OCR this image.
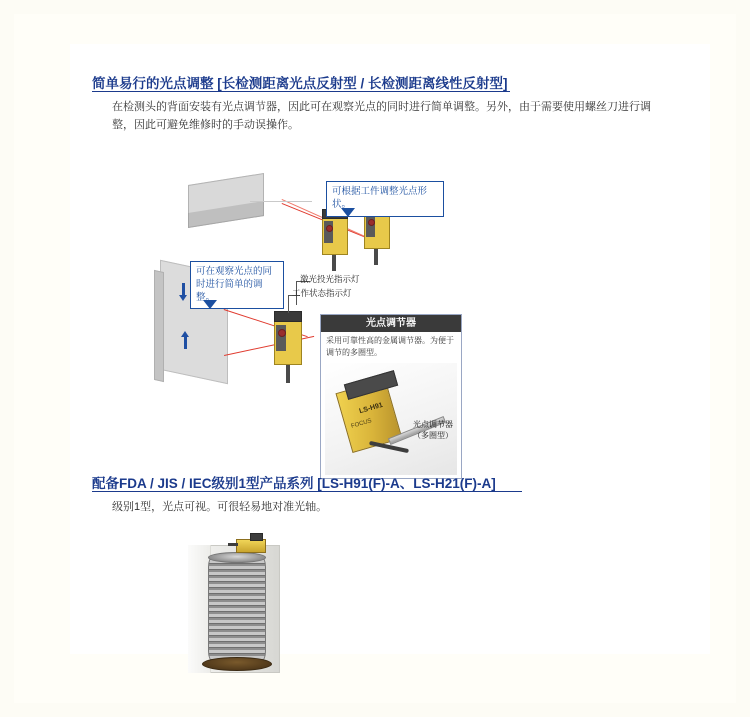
简单易行的光点调整 [长检测距离光点反射型 / 长检测距离线性反射型]
在检测头的背面安装有光点调节器，因此可在观察光点的同时进行简单调整。另外，由于需要使用螺丝刀进行调整，因此可避免维修时的手动误操作。
激光投光指示灯
工作状态指示灯
可根据工件调整光点形状。
可在观察光点的同时进行简单的调整。
光点调节器
采用可靠性高的金属调节器。为便于调节的多圈型。
LS-H91
FOCUS	光点调节器
（多圈型）
配备FDA / JIS / IEC级别1型产品系列 [LS-H91(F)-A、LS-H21(F)-A]
级别1型，光点可视。可很轻易地对准光轴。
